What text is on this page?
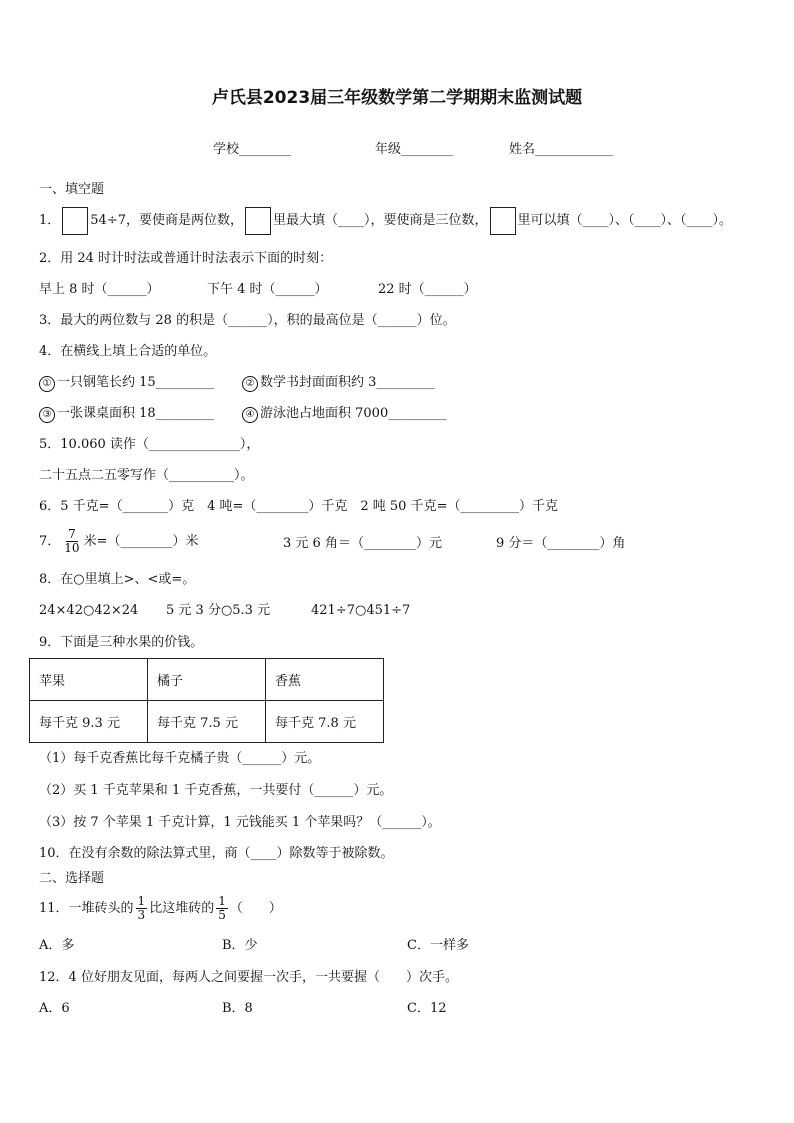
卢氏县2023届三年级数学第二学期期末监测试题
学校________	年级________	姓名____________
一、填空题
1． 54÷7，要使商是两位数， 里最大填（____），要使商是三位数， 里可以填（____）、（____）、（____）。
2．用 24 时计时法或普通计时法表示下面的时刻：
早上 8 时（______）	下午 4 时（______）	22 时（______）
3．最大的两位数与 28 的积是（______），积的最高位是（______）位。
4．在横线上填上合适的单位。
① 一只钢笔长约 15_________	② 数学书封面面积约 3_________
③ 一张课桌面积 18_________	④ 游泳池占地面积 7000_________
5．10.060 读作（______________），
二十五点二五零写作（__________）。
6．5 千克=（_______）克　4 吨=（________）千克　2 吨 50 千克=（_________）千克
7． $\frac{7}{10}$ 米=（________）米	3 元 6 角＝（________）元	9 分＝（________）角
8．在○里填上>、<或=。
24×42○42×24 5 元 3 分○5.3 元	421÷7○451÷7
9．下面是三种水果的价钱。
苹果	橘子	香蕉
每千克 9.3 元	每千克 7.5 元	每千克 7.8 元
（1）每千克香蕉比每千克橘子贵（______）元。
（2）买 1 千克苹果和 1 千克香蕉，一共要付（______）元。
（3）按 7 个苹果 1 千克计算，1 元钱能买 1 个苹果吗？（______）。
10．在没有余数的除法算式里，商（____）除数等于被除数。
二、选择题
11．一堆砖头的 $\frac{1}{3}$ 比这堆砖的 $\frac{1}{5}$ （　　）
A．多	B．少	C．一样多
12．4 位好朋友见面，每两人之间要握一次手，一共要握（　　）次手。
A．6	B．8	C．12
